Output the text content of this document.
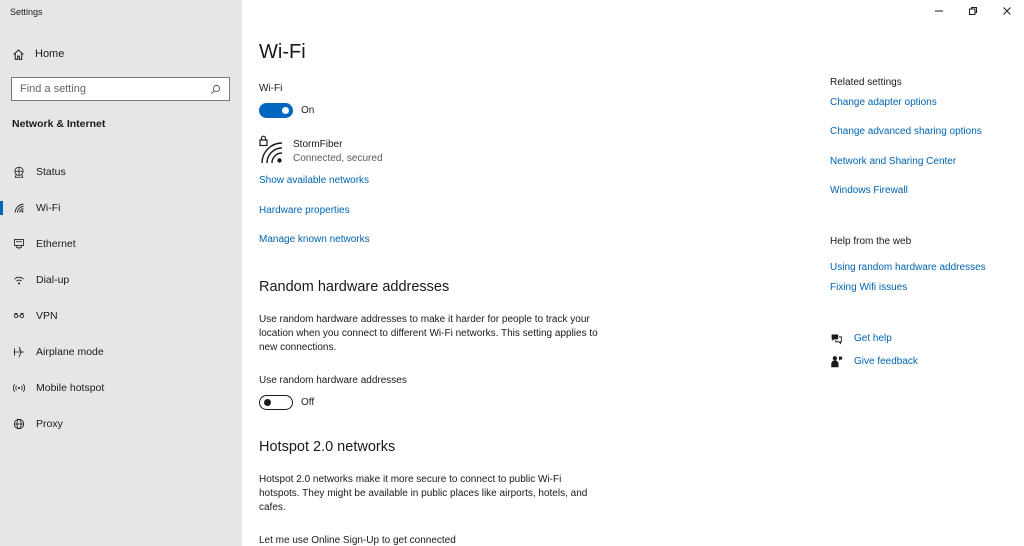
Settings
Home
Find a setting
Network & Internet
Status
Wi-Fi
Ethernet
Dial-up
VPN
Airplane mode
Mobile hotspot
Proxy
Wi-Fi
Wi-Fi
On
StormFiber
Connected, secured
Show available networks
Hardware properties
Manage known networks
Random hardware addresses

Use random hardware addresses to make it harder for people to track your location when you connect to different Wi-Fi networks. This setting applies to new connections.

Use random hardware addresses
Off
Hotspot 2.0 networks

Hotspot 2.0 networks make it more secure to connect to public Wi-Fi hotspots. They might be available in public places like airports, hotels, and cafes.

Let me use Online Sign-Up to get connected
Related settings
Change adapter options
Change advanced sharing options
Network and Sharing Center
Windows Firewall
Help from the web
Using random hardware addresses
Fixing Wifi issues
Get help
Give feedback
